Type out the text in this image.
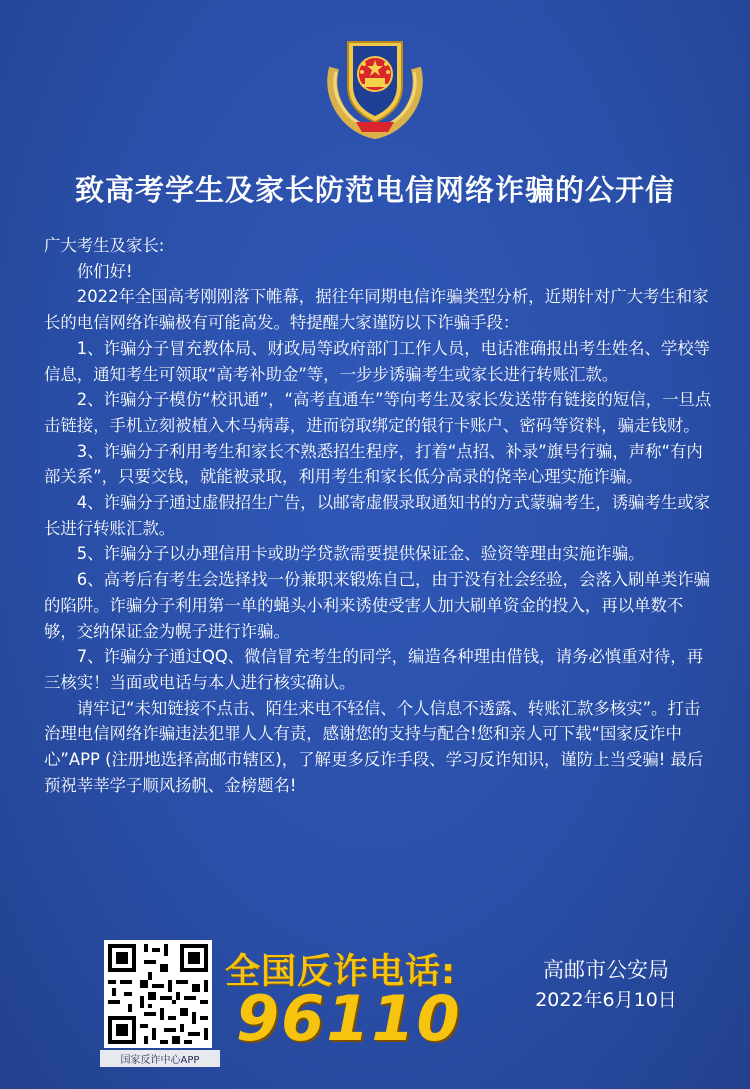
致高考学生及家长防范电信网络诈骗的公开信

广大考生及家长:

你们好!

2022年全国高考刚刚落下帷幕，据往年同期电信诈骗类型分析，近期针对广大考生和家长的电信网络诈骗极有可能高发。特提醒大家谨防以下诈骗手段：

1、诈骗分子冒充教体局、财政局等政府部门工作人员，电话准确报出考生姓名、学校等信息，通知考生可领取“高考补助金”等，一步步诱骗考生或家长进行转账汇款。

2、诈骗分子模仿“校讯通”，“高考直通车”等向考生及家长发送带有链接的短信，一旦点击链接，手机立刻被植入木马病毒，进而窃取绑定的银行卡账户、密码等资料，骗走钱财。

3、诈骗分子利用考生和家长不熟悉招生程序，打着“点招、补录”旗号行骗，声称“有内部关系”，只要交钱，就能被录取，利用考生和家长低分高录的侥幸心理实施诈骗。

4、诈骗分子通过虚假招生广告，以邮寄虚假录取通知书的方式蒙骗考生，诱骗考生或家长进行转账汇款。

5、诈骗分子以办理信用卡或助学贷款需要提供保证金、验资等理由实施诈骗。

6、高考后有考生会选择找一份兼职来锻炼自己，由于没有社会经验，会落入刷单类诈骗的陷阱。诈骗分子利用第一单的蝇头小利来诱使受害人加大刷单资金的投入，再以单数不够，交纳保证金为幌子进行诈骗。

7、诈骗分子通过QQ、微信冒充考生的同学，编造各种理由借钱，请务必慎重对待，再三核实！当面或电话与本人进行核实确认。

请牢记“未知链接不点击、陌生来电不轻信、个人信息不透露、转账汇款多核实”。打击治理电信网络诈骗违法犯罪人人有责，感谢您的支持与配合!您和亲人可下载“国家反诈中心”APP (注册地选择高邮市辖区)，了解更多反诈手段、学习反诈知识，谨防上当受骗! 最后预祝莘莘学子顺风扬帆、金榜题名!

国家反诈中心APP
全国反诈电话:
96110
高邮市公安局
2022年6月10日
